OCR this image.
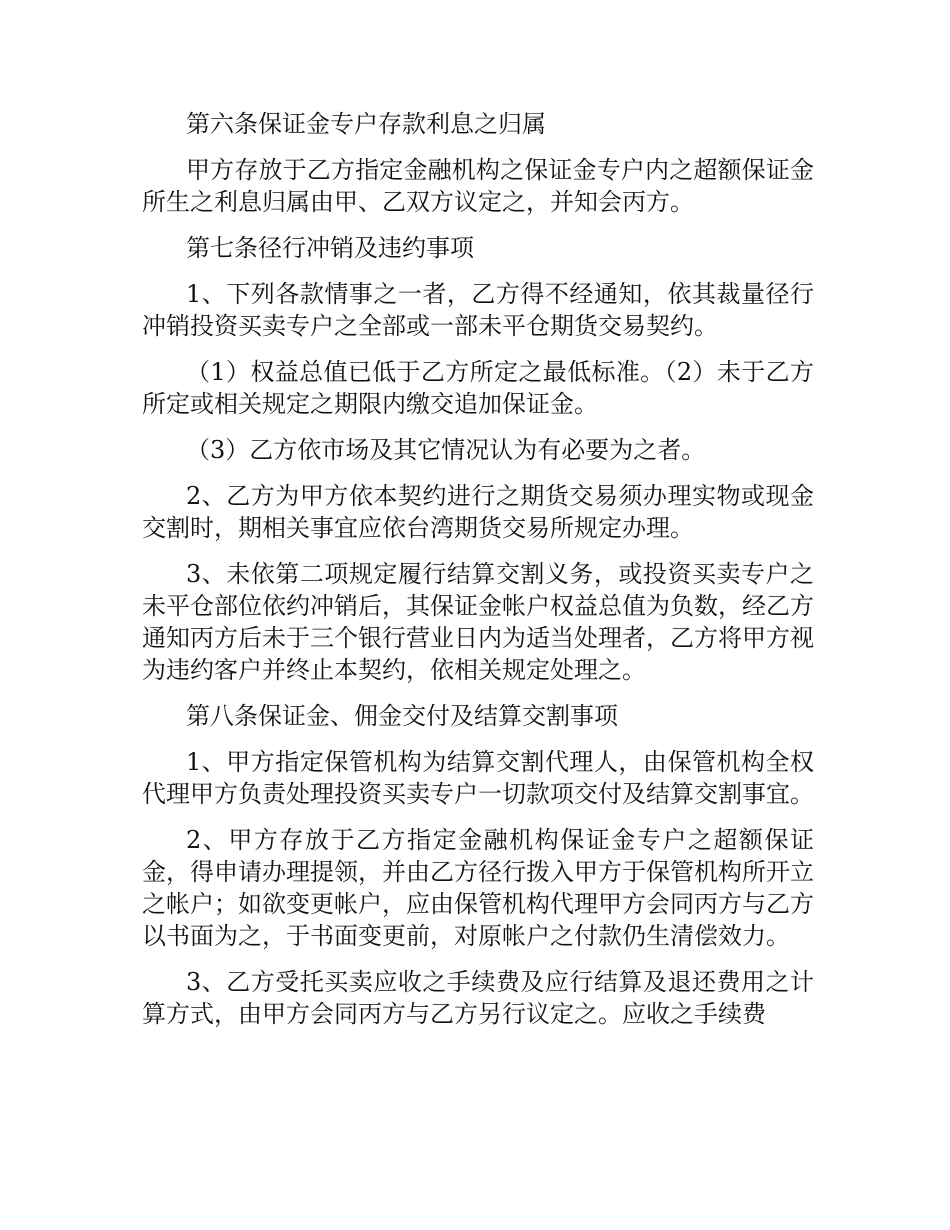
第六条保证金专户存款利息之归属

甲方存放于乙方指定金融机构之保证金专户内之超额保证金所生之利息归属由甲、乙双方议定之，并知会丙方。

第七条径行冲销及违约事项

1、下列各款情事之一者，乙方得不经通知，依其裁量径行冲销投资买卖专户之全部或一部未平仓期货交易契约。

（1）权益总值已低于乙方所定之最低标准。（2）未于乙方所定或相关规定之期限内缴交追加保证金。

（3）乙方依市场及其它情况认为有必要为之者。

2、乙方为甲方依本契约进行之期货交易须办理实物或现金交割时，期相关事宜应依台湾期货交易所规定办理。

3、未依第二项规定履行结算交割义务，或投资买卖专户之未平仓部位依约冲销后，其保证金帐户权益总值为负数，经乙方通知丙方后未于三个银行营业日内为适当处理者，乙方将甲方视为违约客户并终止本契约，依相关规定处理之。

第八条保证金、佣金交付及结算交割事项

1、甲方指定保管机构为结算交割代理人，由保管机构全权代理甲方负责处理投资买卖专户一切款项交付及结算交割事宜。

2、甲方存放于乙方指定金融机构保证金专户之超额保证金，得申请办理提领，并由乙方径行拨入甲方于保管机构所开立之帐户；如欲变更帐户，应由保管机构代理甲方会同丙方与乙方以书面为之，于书面变更前，对原帐户之付款仍生清偿效力。

3、乙方受托买卖应收之手续费及应行结算及退还费用之计算方式，由甲方会同丙方与乙方另行议定之。应收之手续费
